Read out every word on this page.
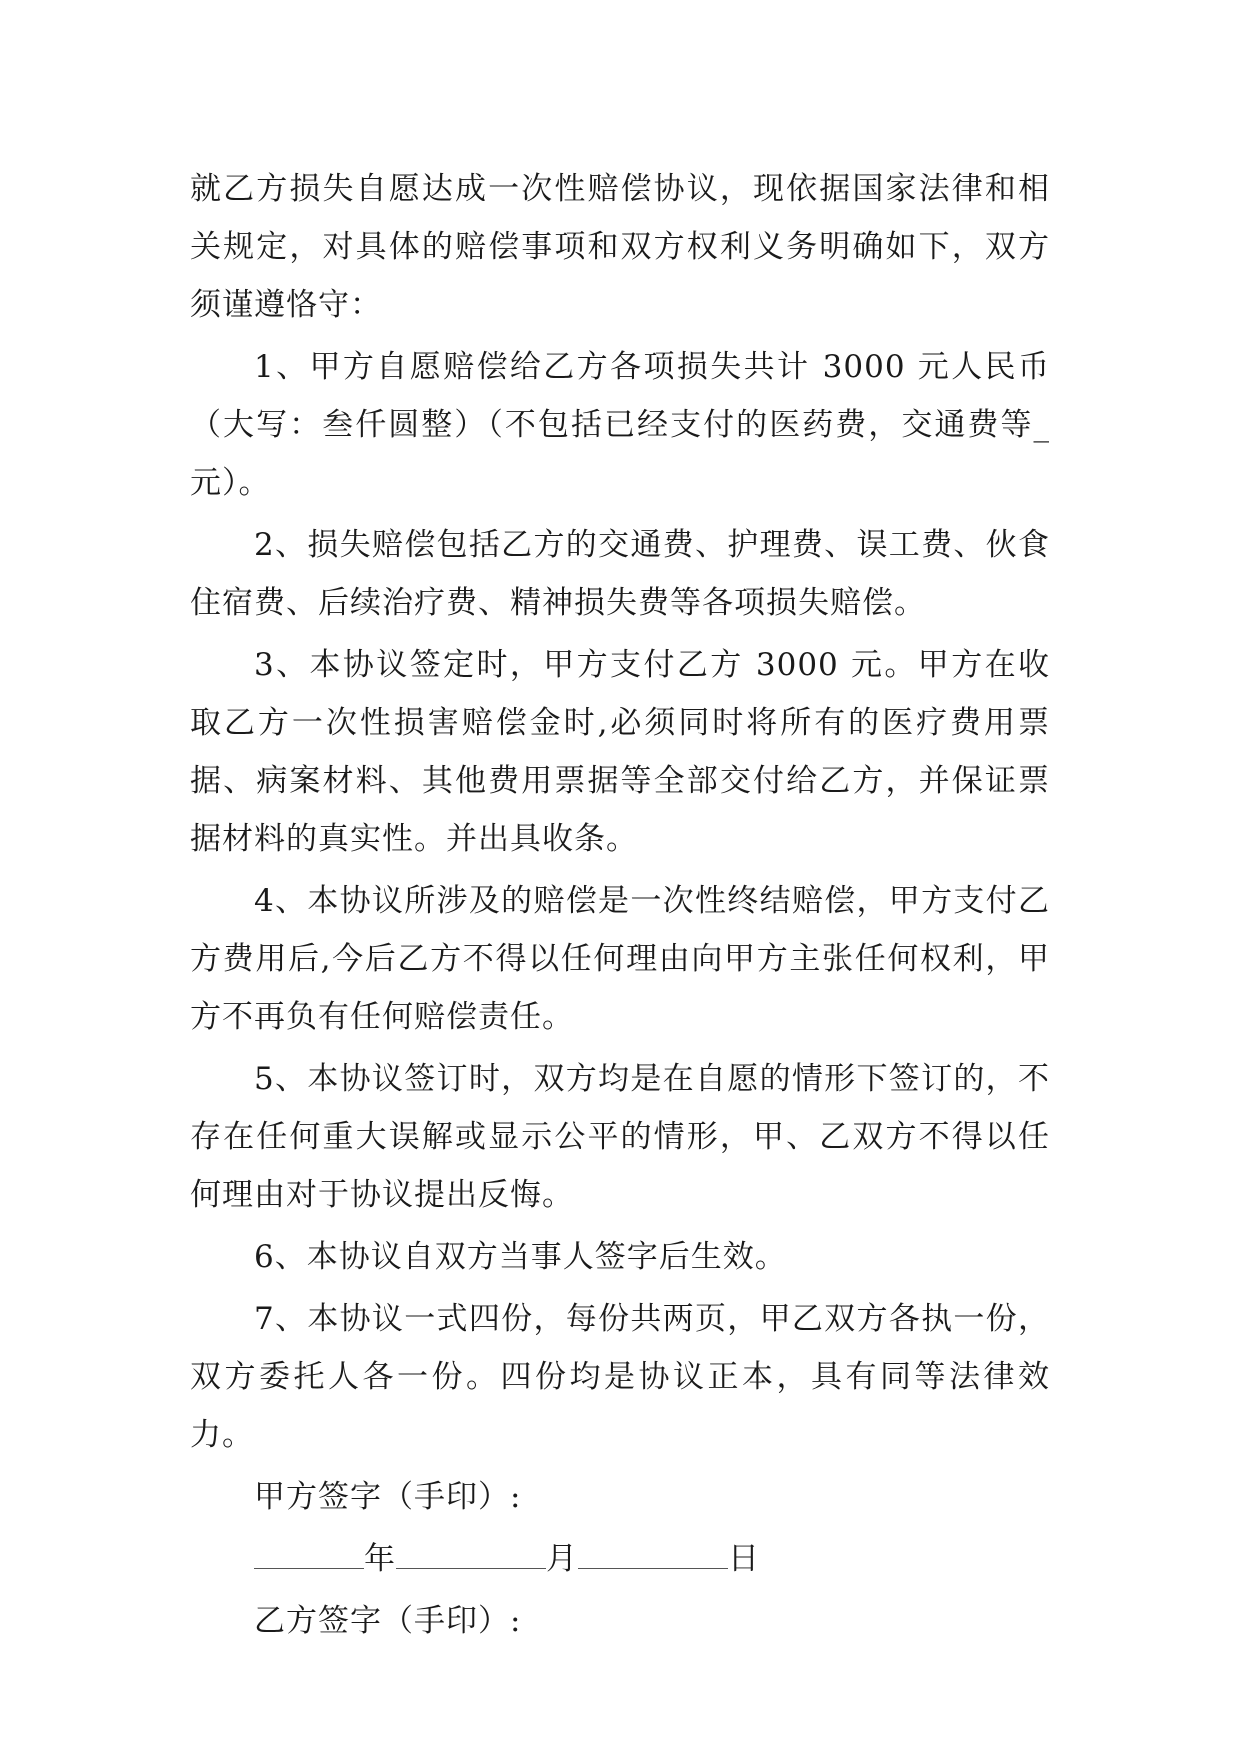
就乙方损失自愿达成一次性赔偿协议，现依据国家法律和相关规定，对具体的赔偿事项和双方权利义务明确如下，双方须谨遵恪守：

1、甲方自愿赔偿给乙方各项损失共计 3000 元人民币（大写：叁仟圆整）（不包括已经支付的医药费，交通费等_元）。

2、损失赔偿包括乙方的交通费、护理费、误工费、伙食住宿费、后续治疗费、精神损失费等各项损失赔偿。

3、本协议签定时，甲方支付乙方 3000 元。甲方在收取乙方一次性损害赔偿金时,必须同时将所有的医疗费用票据、病案材料、其他费用票据等全部交付给乙方，并保证票据材料的真实性。并出具收条。

4、本协议所涉及的赔偿是一次性终结赔偿，甲方支付乙方费用后,今后乙方不得以任何理由向甲方主张任何权利，甲方不再负有任何赔偿责任。

5、本协议签订时，双方均是在自愿的情形下签订的，不存在任何重大误解或显示公平的情形，甲、乙双方不得以任何理由对于协议提出反悔。

6、本协议自双方当事人签字后生效。

7、本协议一式四份，每份共两页，甲乙双方各执一份，双方委托人各一份。四份均是协议正本，具有同等法律效力。

甲方签字（手印）:
年	月	日
乙方签字（手印）:
